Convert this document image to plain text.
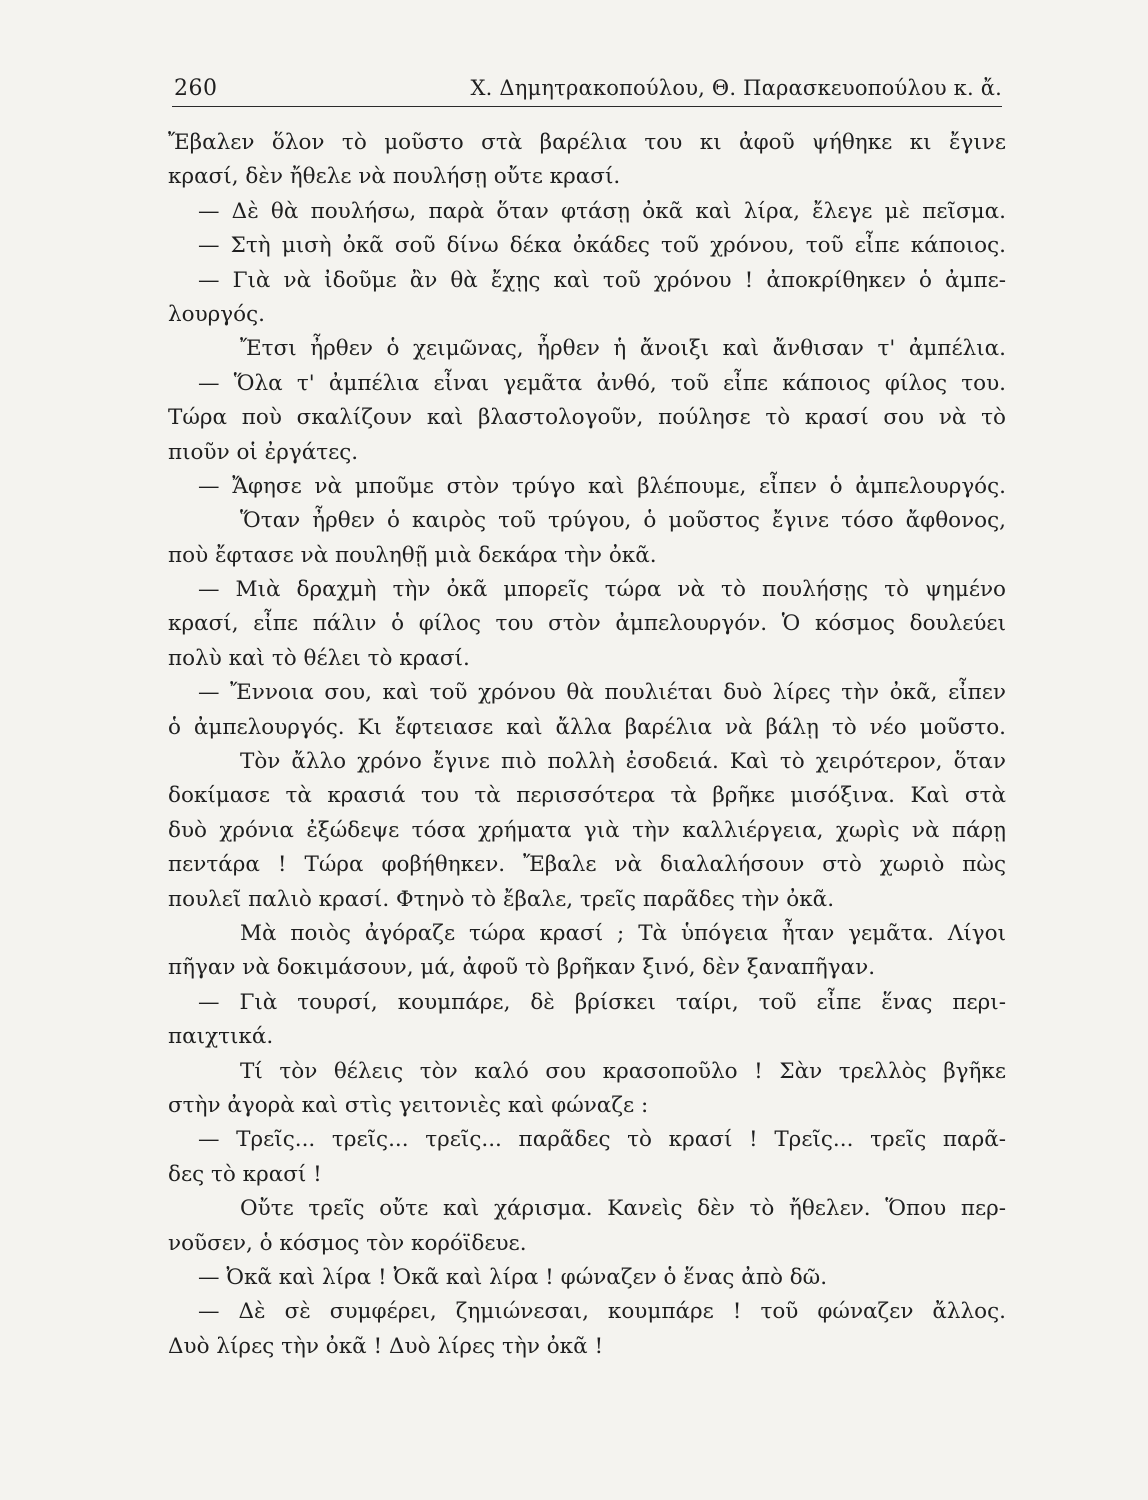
260	Χ. Δημητρακοπούλου, Θ. Παρασκευοπούλου κ. ἄ.
Ἔβαλεν ὅλον τὸ μοῦστο στὰ βαρέλια του κι ἀφοῦ ψήθηκε κι ἔγινε
κρασί, δὲν ἤθελε νὰ πουλήσῃ οὔτε κρασί.
— Δὲ θὰ πουλήσω, παρὰ ὅταν φτάσῃ ὀκᾶ καὶ λίρα, ἔλεγε μὲ πεῖσμα.
— Στὴ μισὴ ὀκᾶ σοῦ δίνω δέκα ὀκάδες τοῦ χρόνου, τοῦ εἶπε κάποιος.
— Γιὰ νὰ ἰδοῦμε ἂν θὰ ἔχῃς καὶ τοῦ χρόνου ! ἀποκρίθηκεν ὁ ἀμπε-
λουργός.
Ἔτσι ἦρθεν ὁ χειμῶνας, ἦρθεν ἡ ἄνοιξι καὶ ἄνθισαν τ' ἀμπέλια.
— Ὅλα τ' ἀμπέλια εἶναι γεμᾶτα ἀνθό, τοῦ εἶπε κάποιος φίλος του.
Τώρα ποὺ σκαλίζουν καὶ βλαστολογοῦν, πούλησε τὸ κρασί σου νὰ τὸ
πιοῦν οἱ ἐργάτες.
— Ἄφησε νὰ μποῦμε στὸν τρύγο καὶ βλέπουμε, εἶπεν ὁ ἀμπελουργός.
Ὅταν ἦρθεν ὁ καιρὸς τοῦ τρύγου, ὁ μοῦστος ἔγινε τόσο ἄφθονος,
ποὺ ἔφτασε νὰ πουληθῇ μιὰ δεκάρα τὴν ὀκᾶ.
— Μιὰ δραχμὴ τὴν ὀκᾶ μπορεῖς τώρα νὰ τὸ πουλήσῃς τὸ ψημένο
κρασί, εἶπε πάλιν ὁ φίλος του στὸν ἀμπελουργόν. Ὁ κόσμος δουλεύει
πολὺ καὶ τὸ θέλει τὸ κρασί.
— Ἔννοια σου, καὶ τοῦ χρόνου θὰ πουλιέται δυὸ λίρες τὴν ὀκᾶ, εἶπεν
ὁ ἀμπελουργός. Κι ἔφτειασε καὶ ἄλλα βαρέλια νὰ βάλῃ τὸ νέο μοῦστο.
Τὸν ἄλλο χρόνο ἔγινε πιὸ πολλὴ ἐσοδειά. Καὶ τὸ χειρότερον, ὅταν
δοκίμασε τὰ κρασιά του τὰ περισσότερα τὰ βρῆκε μισόξινα. Καὶ στὰ
δυὸ χρόνια ἐξώδεψε τόσα χρήματα γιὰ τὴν καλλιέργεια, χωρὶς νὰ πάρῃ
πεντάρα ! Τώρα φοβήθηκεν. Ἔβαλε νὰ διαλαλήσουν στὸ χωριὸ πὼς
πουλεῖ παλιὸ κρασί. Φτηνὸ τὸ ἔβαλε, τρεῖς παρᾶδες τὴν ὀκᾶ.
Μὰ ποιὸς ἀγόραζε τώρα κρασί ; Τὰ ὑπόγεια ἦταν γεμᾶτα. Λίγοι
πῆγαν νὰ δοκιμάσουν, μά, ἀφοῦ τὸ βρῆκαν ξινό, δὲν ξαναπῆγαν.
— Γιὰ τουρσί, κουμπάρε, δὲ βρίσκει ταίρι, τοῦ εἶπε ἕνας περι-
παιχτικά.
Τί τὸν θέλεις τὸν καλό σου κρασοποῦλο ! Σὰν τρελλὸς βγῆκε
στὴν ἀγορὰ καὶ στὶς γειτονιὲς καὶ φώναζε :
— Τρεῖς... τρεῖς... τρεῖς... παρᾶδες τὸ κρασί ! Τρεῖς... τρεῖς παρᾶ-
δες τὸ κρασί !
Οὔτε τρεῖς οὔτε καὶ χάρισμα. Κανεὶς δὲν τὸ ἤθελεν. Ὅπου περ-
νοῦσεν, ὁ κόσμος τὸν κορόϊδευε.
— Ὀκᾶ καὶ λίρα ! Ὀκᾶ καὶ λίρα ! φώναζεν ὁ ἕνας ἀπὸ δῶ.
— Δὲ σὲ συμφέρει, ζημιώνεσαι, κουμπάρε ! τοῦ φώναζεν ἄλλος.
Δυὸ λίρες τὴν ὀκᾶ ! Δυὸ λίρες τὴν ὀκᾶ !
